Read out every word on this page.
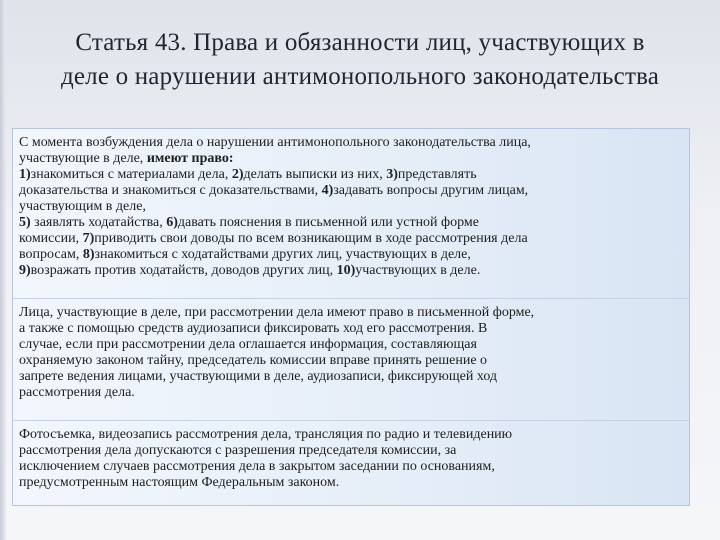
Статья 43. Права и обязанности лиц, участвующих в
деле о нарушении антимонопольного законодательства
С момента возбуждения дела о нарушении антимонопольного законодательства лица,
участвующие в деле, имеют право:
1)знакомиться с материалами дела, 2)делать выписки из них, 3)представлять
доказательства и знакомиться с доказательствами, 4)задавать вопросы другим лицам,
участвующим в деле,
5) заявлять ходатайства, 6)давать пояснения в письменной или устной форме
комиссии, 7)приводить свои доводы по всем возникающим в ходе рассмотрения дела
вопросам, 8)знакомиться с ходатайствами других лиц, участвующих в деле,
9)возражать против ходатайств, доводов других лиц, 10)участвующих в деле.
Лица, участвующие в деле, при рассмотрении дела имеют право в письменной форме,
а также с помощью средств аудиозаписи фиксировать ход его рассмотрения. В
случае, если при рассмотрении дела оглашается информация, составляющая
охраняемую законом тайну, председатель комиссии вправе принять решение о
запрете ведения лицами, участвующими в деле, аудиозаписи, фиксирующей ход
рассмотрения дела.
Фотосъемка, видеозапись рассмотрения дела, трансляция по радио и телевидению
рассмотрения дела допускаются с разрешения председателя комиссии, за
исключением случаев рассмотрения дела в закрытом заседании по основаниям,
предусмотренным настоящим Федеральным законом.
